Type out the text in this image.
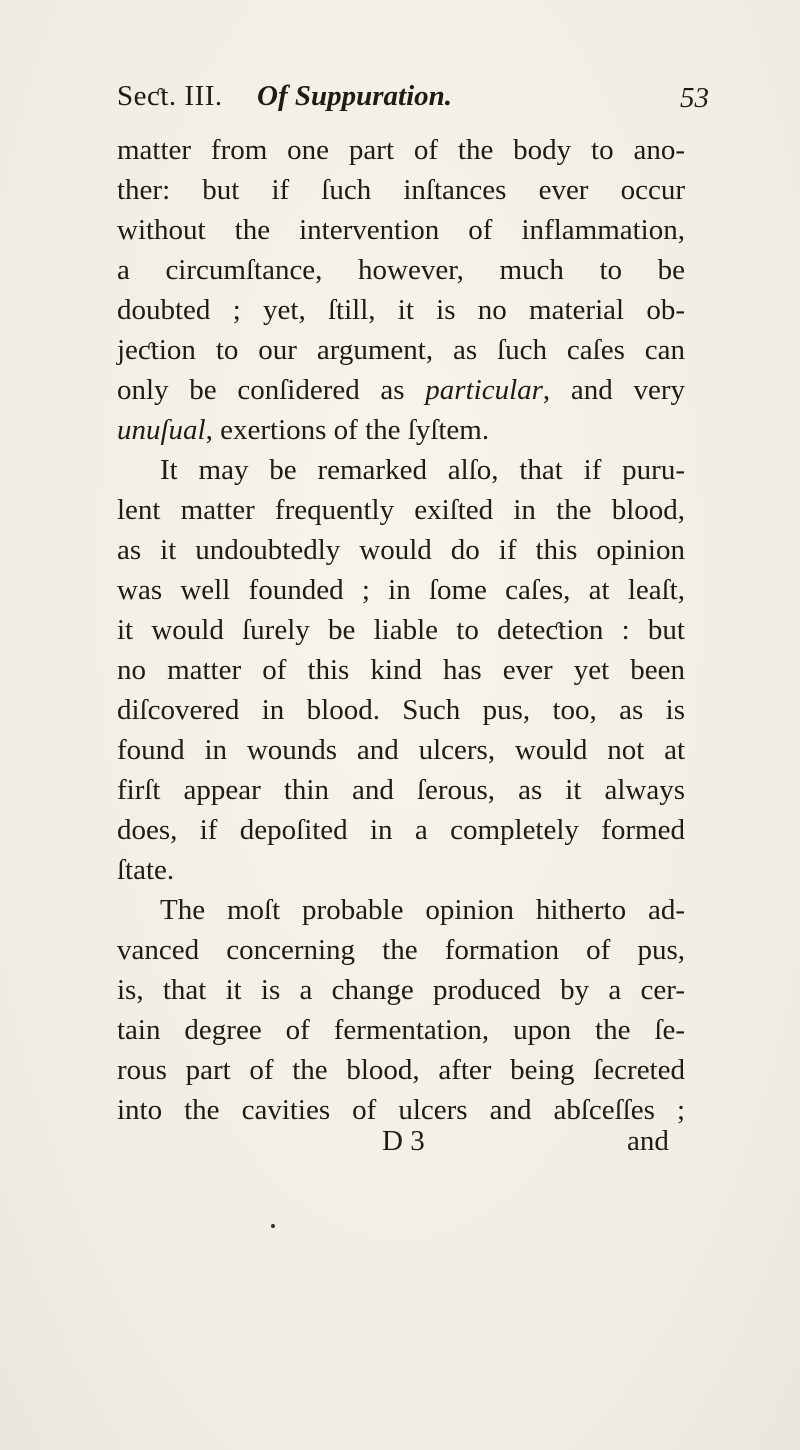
Seƈt. III. Of Suppuration.	53
matter from one part of the body to ano-
ther: but if ſuch inſtances ever occur
without the intervention of inflammation,
a circumſtance, however, much to be
doubted ; yet, ſtill, it is no material ob-
jeƈtion to our argument, as ſuch caſes can
only be conſidered as particular, and very
unuſual, exertions of the ſyſtem.
It may be remarked alſo, that if puru-
lent matter frequently exiſted in the blood,
as it undoubtedly would do if this opinion
was well founded ; in ſome caſes, at leaſt,
it would ſurely be liable to deteƈtion : but
no matter of this kind has ever yet been
diſcovered in blood. Such pus, too, as is
found in wounds and ulcers, would not at
firſt appear thin and ſerous, as it always
does, if depoſited in a completely formed
ſtate.
The moſt probable opinion hitherto ad-
vanced concerning the formation of pus,
is, that it is a change produced by a cer-
tain degree of fermentation, upon the ſe-
rous part of the blood, after being ſecreted
into the cavities of ulcers and abſceſſes ;
D 3	and
